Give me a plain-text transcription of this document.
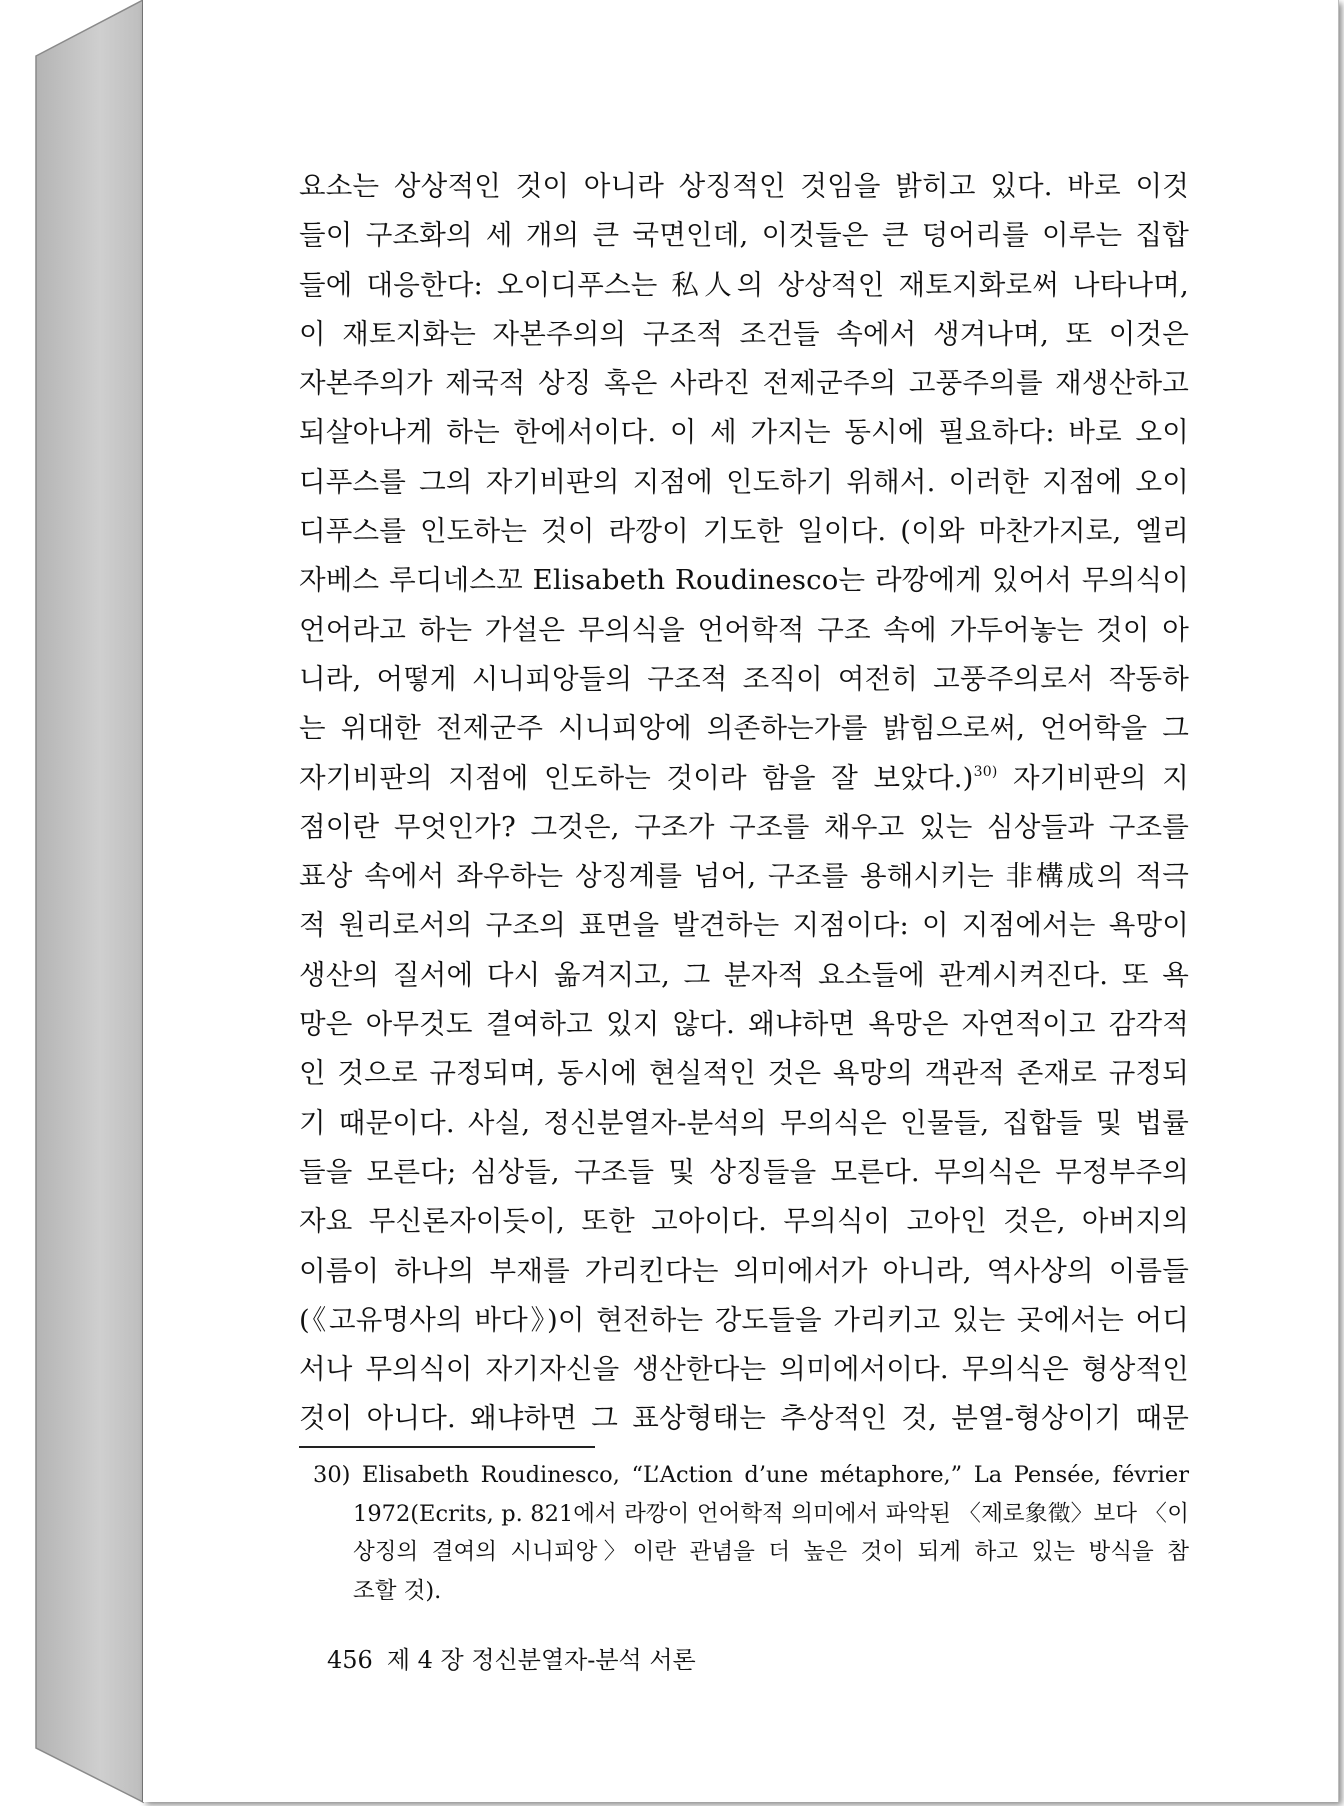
요소는 상상적인 것이 아니라 상징적인 것임을 밝히고 있다. 바로 이것
들이 구조화의 세 개의 큰 국면인데, 이것들은 큰 덩어리를 이루는 집합
들에 대응한다: 오이디푸스는 私人의 상상적인 재토지화로써 나타나며,
이 재토지화는 자본주의의 구조적 조건들 속에서 생겨나며, 또 이것은
자본주의가 제국적 상징 혹은 사라진 전제군주의 고풍주의를 재생산하고
되살아나게 하는 한에서이다. 이 세 가지는 동시에 필요하다: 바로 오이
디푸스를 그의 자기비판의 지점에 인도하기 위해서. 이러한 지점에 오이
디푸스를 인도하는 것이 라깡이 기도한 일이다. (이와 마찬가지로, 엘리
자베스 루디네스꼬 Elisabeth Roudinesco는 라깡에게 있어서 무의식이
언어라고 하는 가설은 무의식을 언어학적 구조 속에 가두어놓는 것이 아
니라, 어떻게 시니피앙들의 구조적 조직이 여전히 고풍주의로서 작동하
는 위대한 전제군주 시니피앙에 의존하는가를 밝힘으로써, 언어학을 그
자기비판의 지점에 인도하는 것이라 함을 잘 보았다.)$^{30)}$ 자기비판의 지
점이란 무엇인가? 그것은, 구조가 구조를 채우고 있는 심상들과 구조를
표상 속에서 좌우하는 상징계를 넘어, 구조를 용해시키는 非構成의 적극
적 원리로서의 구조의 표면을 발견하는 지점이다: 이 지점에서는 욕망이
생산의 질서에 다시 옮겨지고, 그 분자적 요소들에 관계시켜진다. 또 욕
망은 아무것도 결여하고 있지 않다. 왜냐하면 욕망은 자연적이고 감각적
인 것으로 규정되며, 동시에 현실적인 것은 욕망의 객관적 존재로 규정되
기 때문이다. 사실, 정신분열자-분석의 무의식은 인물들, 집합들 및 법률
들을 모른다; 심상들, 구조들 및 상징들을 모른다. 무의식은 무정부주의
자요 무신론자이듯이, 또한 고아이다. 무의식이 고아인 것은, 아버지의
이름이 하나의 부재를 가리킨다는 의미에서가 아니라, 역사상의 이름들
(《고유명사의 바다》)이 현전하는 강도들을 가리키고 있는 곳에서는 어디
서나 무의식이 자기자신을 생산한다는 의미에서이다. 무의식은 형상적인
것이 아니다. 왜냐하면 그 표상형태는 추상적인 것, 분열-형상이기 때문
30) Elisabeth Roudinesco, “L’Action d’une métaphore,” La Pensée, février
1972(Ecrits, p. 821에서 라깡이 언어학적 의미에서 파악된 〈제로象徵〉보다 〈이
상징의 결여의 시니피앙〉이란 관념을 더 높은 것이 되게 하고 있는 방식을 참
조할 것).
456 제 4 장 정신분열자-분석 서론
